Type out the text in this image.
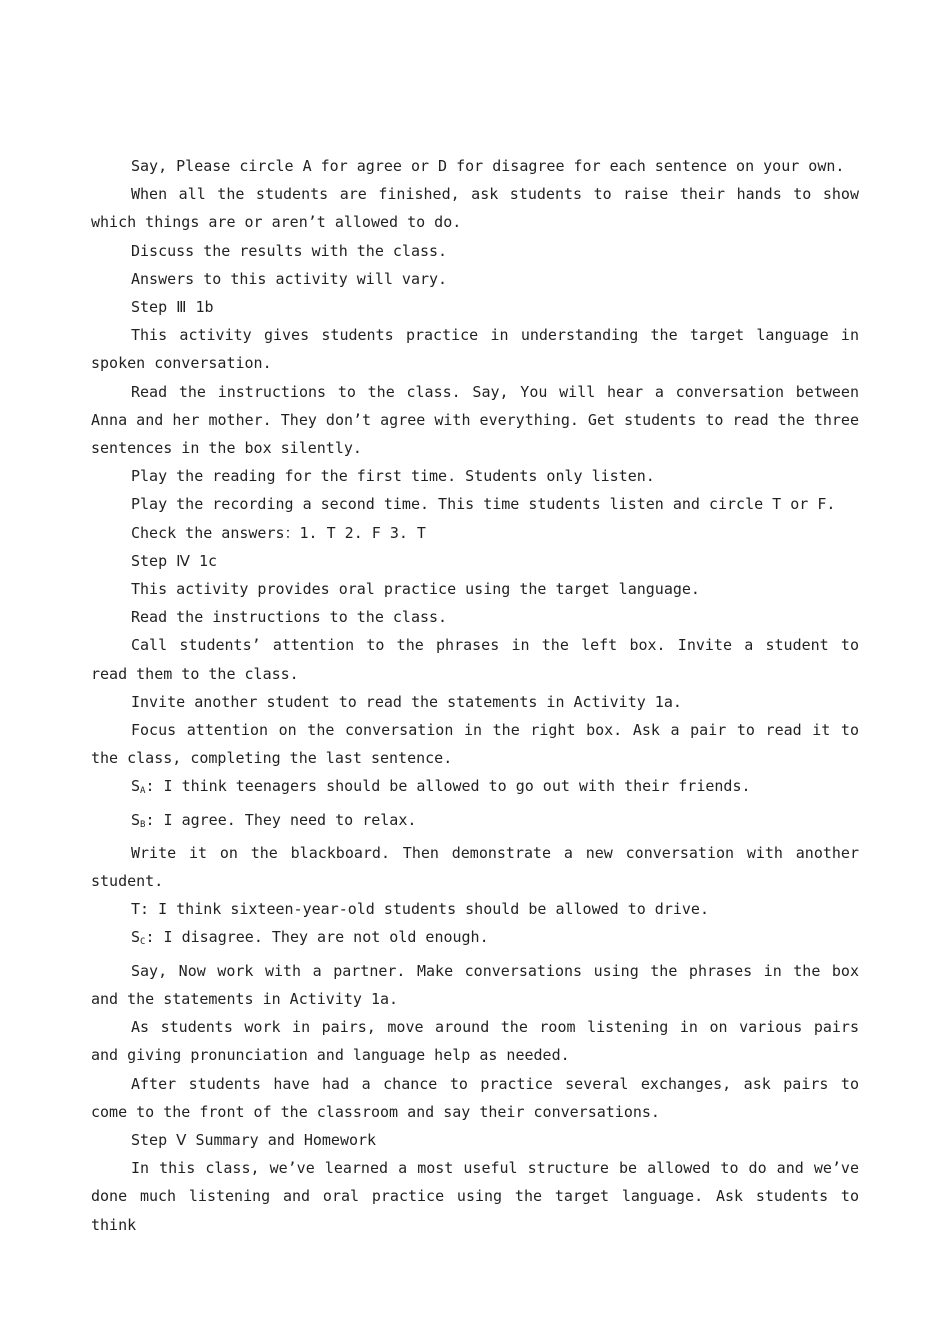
Say, Please circle A for agree or D for disagree for each sentence on your own.

When all the students are finished, ask students to raise their hands to show which things are or aren’t allowed to do.

Discuss the results with the class.

Answers to this activity will vary.

Step Ⅲ 1b

This activity gives students practice in understanding the target language in spoken conversation.

Read the instructions to the class. Say, You will hear a conversation between Anna and her mother. They don’t agree with everything. Get students to read the three sentences in the box silently.

Play the reading for the first time. Students only listen.

Play the recording a second time. This time students listen and circle T or F.

Check the answers：1. T 2. F 3. T

Step Ⅳ 1c

This activity provides oral practice using the target language.

Read the instructions to the class.

Call students’ attention to the phrases in the left box. Invite a student to read them to the class.

Invite another student to read the statements in Activity 1a.

Focus attention on the conversation in the right box. Ask a pair to read it to the class, completing the last sentence.

$S_A$: I think teenagers should be allowed to go out with their friends.

$S_B$: I agree. They need to relax.

Write it on the blackboard. Then demonstrate a new conversation with another student.

T: I think sixteen-year-old students should be allowed to drive.

$S_C$: I disagree. They are not old enough.

Say, Now work with a partner. Make conversations using the phrases in the box and the statements in Activity 1a.

As students work in pairs, move around the room listening in on various pairs and giving pronunciation and language help as needed.

After students have had a chance to practice several exchanges, ask pairs to come to the front of the classroom and say their conversations.

Step Ⅴ Summary and Homework

In this class, we’ve learned a most useful structure be allowed to do and we’ve done much listening and oral practice using the target language. Ask students to think
